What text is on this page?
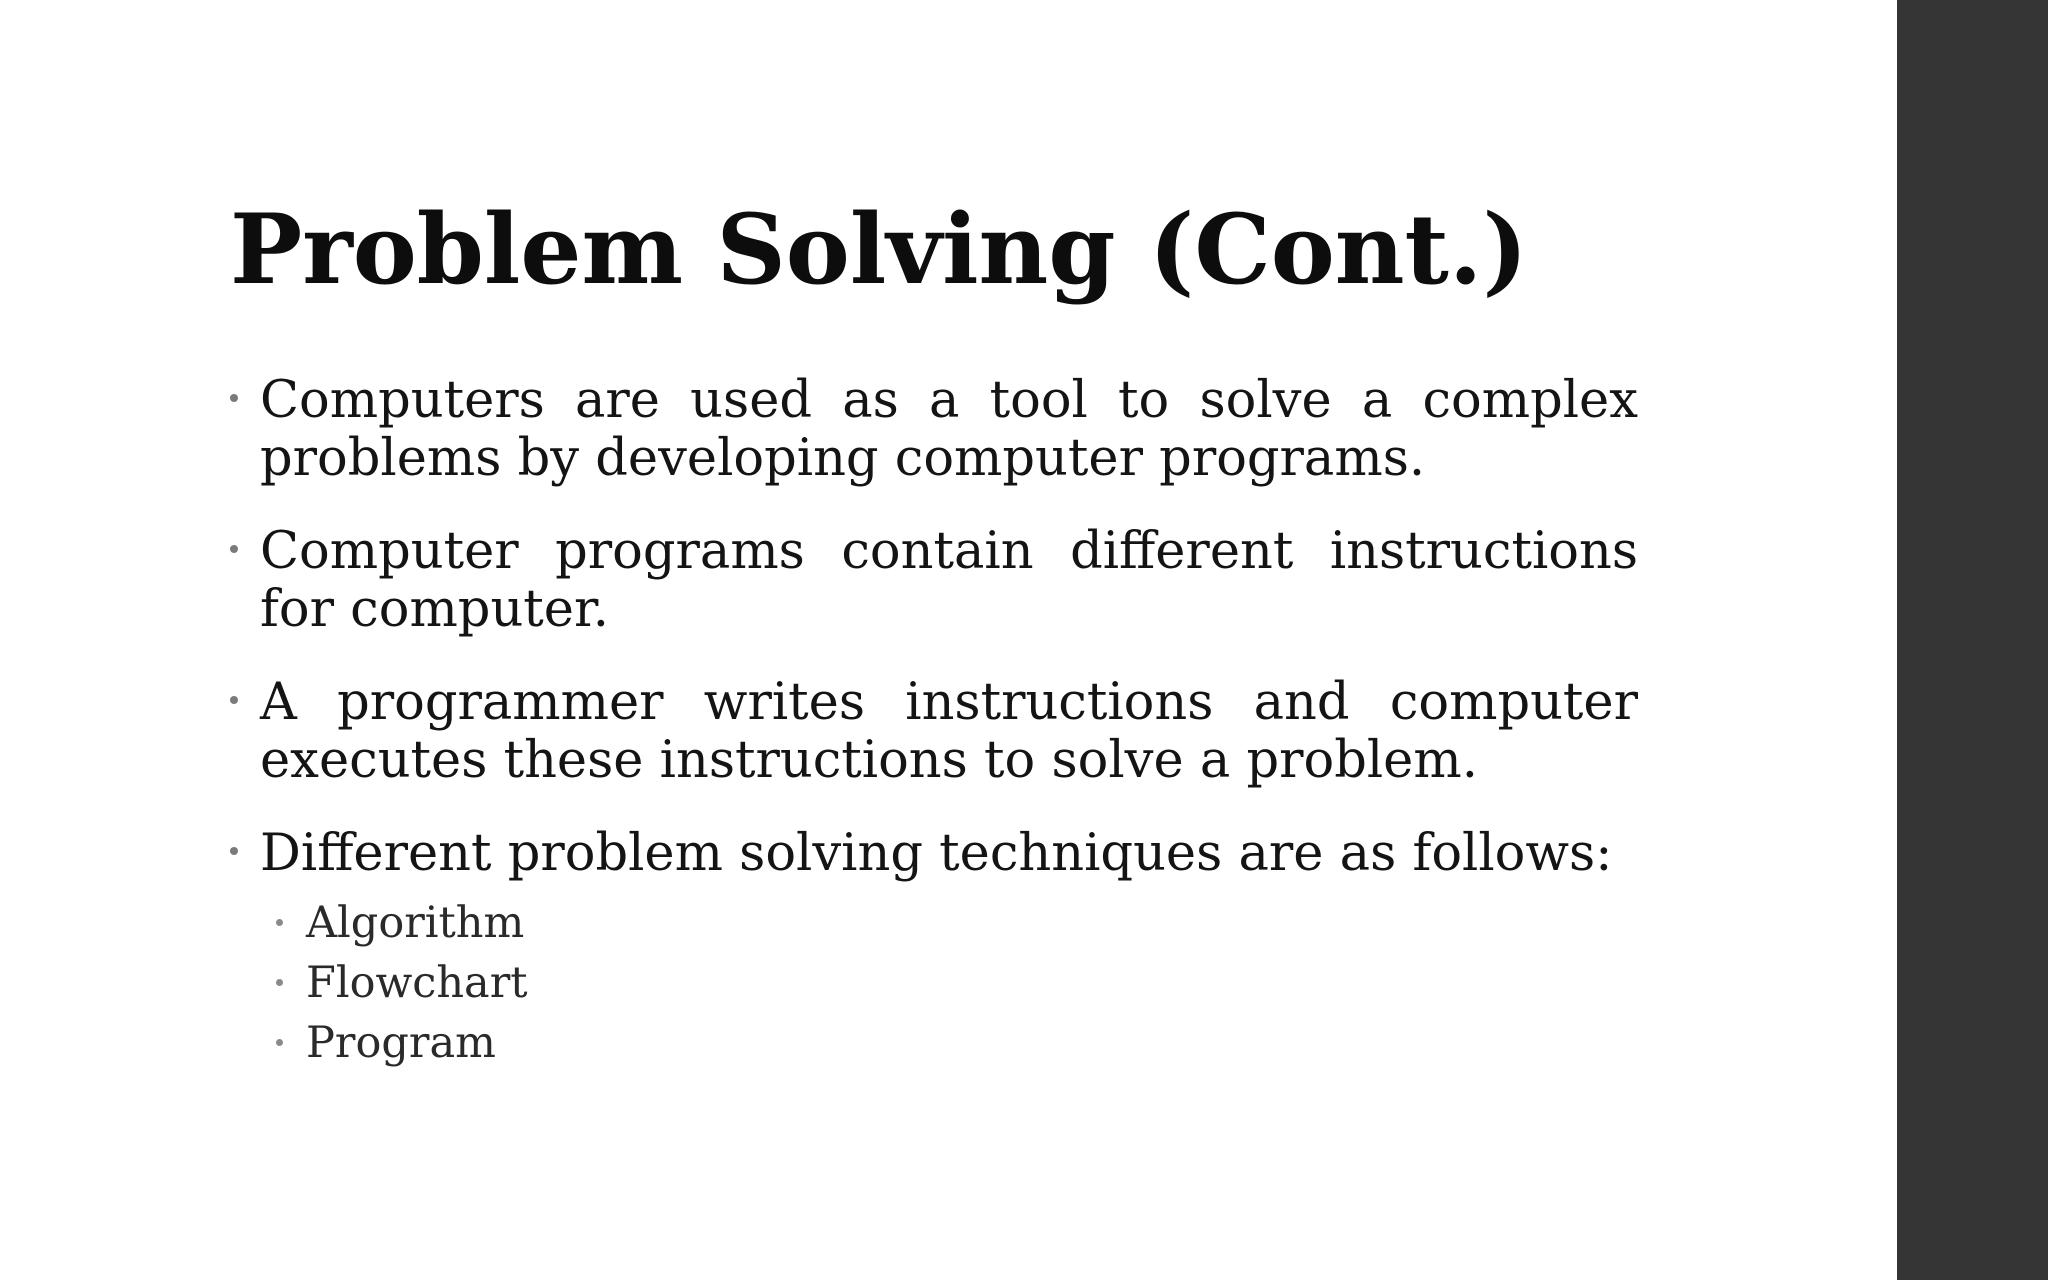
Problem Solving (Cont.)
Computers are used as a tool to solve a complex problems by developing computer programs.
Computer programs contain different instructions for computer.
A programmer writes instructions and computer executes these instructions to solve a problem.
Different problem solving techniques are as follows:
Algorithm
Flowchart
Program
